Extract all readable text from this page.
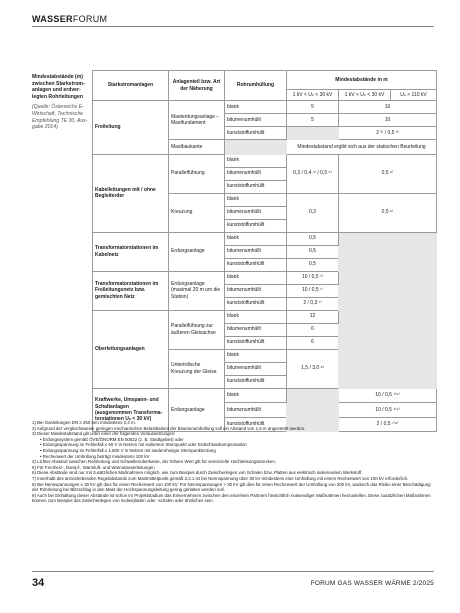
WASSERFORUM
Mindestabstände (m) zwischen Starkstrom-anlagen und erdver-legten Rohrleitungen
(Quelle: Österreichs E-Wirtschaft, Technische Empfehlung TE 30, Aus-gabe 2014)
Starkstromanlagen	Anlagenteil bzw. Art der Näherung	Rohrumhüllung	Mindestabstände in m		
			1 kV < Uₙ < 30 kV	1 kV < Uₙ < 30 kV	Uₙ > 110 kV
Freileitung	Masterdungsanlage – Mastfundament	blank	5	10	
		bitumenumhüllt	5	10	
		kunststoffumhüllt		2 ²⁾ / 0,5 ³⁾	
	Mastbaukante		Mindestabstand ergibt sich aus der statischen Beurteilung		
Kabelleitungen mit / ohne Begleiterder	Parallelführung	blank	0,3 / 0,4 ⁴⁾ / 0,5 ⁵⁾	0,5 ⁶⁾	
		bitumenumhüllt			
		kunststoffumhüllt			
	Kreuzung	blank	0,3	0,5 ⁶⁾	
		bitumenumhüllt			
		kunststoffumhüllt			
Transformatorstationen im Kabelnetz	Erdungsanlage	blank	0,5		
		bitumenumhüllt	0,5		
		kunststoffumhüllt	0,5		
Transformatorstationen im Freileitungsnetz bzw. gemischten Netz	Erdungsanlage (maximal 20 m um die Station)	blank	10 / 0,5 ⁷⁾		
		bitumenumhüllt	10 / 0,5 ⁷⁾		
		kunststoffumhüllt	2 / 0,3 ⁷⁾		
Oberleitungsanlagen	Parallelführung zur äußeren Gleisachse	blank	12		
		bitumenumhüllt	6		
		kunststoffumhüllt	6		
	Unterirdische Kreuzung der Gleise	blank	1,5 / 3,0 ⁸⁾		
		bitumenumhüllt			
		kunststoffumhüllt			
Kraftwerke, Umspann- und Schaltanlagen (ausgenommen Transforma-torstationen Uₙ < 30 kV)	Erdungsanlage	blank		10 / 0,5 ⁷⁾⁹⁾	
		bitumenumhüllt		10 / 0,5 ⁷⁾⁹⁾	
		kunststoffumhüllt		2 / 0,5 ⁷⁾⁹⁾	
1) Bei Gasleitungen DN ≥ 250 mm mindestens 0,4 m.
2) Aufgrund der vergleichsweise geringen mechanischen Belastbarkeit der Bitumenumhüllung soll ein Abstand von 1,5 m angestrebt werden.
3) Dieser Mindestabstand gilt unter einer der folgenden Voraussetzungen:
• Erdungssystem gemäß ÖVE/ÖNORM EN 50522 (z. B. Stadtgebiet) oder
• Erdungsspannung im Fehlerfall ≤ 60 V in Netzen mit isoliertem Sternpunkt oder Erdschlusskompensation
• Erdungsspannung im Fehlerfall ≤ 1.500 V in Netzen mit niederohmiger Sternpunkterdung
• Rechenwert der Umhüllung beträgt mindestens 100 kV
4) Lichter Abstand zwischen Rohrleitung und Schwellenoberkante, der höhere Wert gilt für vereinzelte Hochleistungsstrecken.
5) Für Fernheiz-, Dampf-, Warmluft- und Warmwasserleitungen
6) Diese Abstände sind nur mit zusätzlichen Maßnahmen möglich, wie zum Beispiel durch Zwischenlegen von Schalen bzw. Platten aus elektrisch isolierendem Werkstoff.
7) Innerhalb des anzustrebenden Regelabstands zum Mastmittelpunkt gemäß 3.2.1 ist bei Nennspannung über 30 kV mindestens eine Umhüllung mit einem Rechenwert von 100 kV erforderlich.
8) Bei Nennspannungen ≤ 30 kV gilt dies für einen Rechenwert von 100 kV. Für Nennspannungen > 30 kV gilt dies für einen Rechenwert der Umhüllung von 200 kV, wodurch das Risiko einer Beschädigung der Rohrleitung bei Blitzschlag in den Mast der Hochspannungsleitung gering gehalten werden soll.
9) Auch bei Einhaltung dieser Abstände ist schon im Projektstadium das Einvernehmen zwischen den einzelnen Partnern hinsichtlich notwendiger Maßnahmen herzustellen. Diese zusätzlichen Maßnahmen können zum Beispiel das Zwischenlegen von Isolierplatten oder -schalen oder ähnliches sein.
34	FORUM GAS WASSER WÄRME 2/2025
